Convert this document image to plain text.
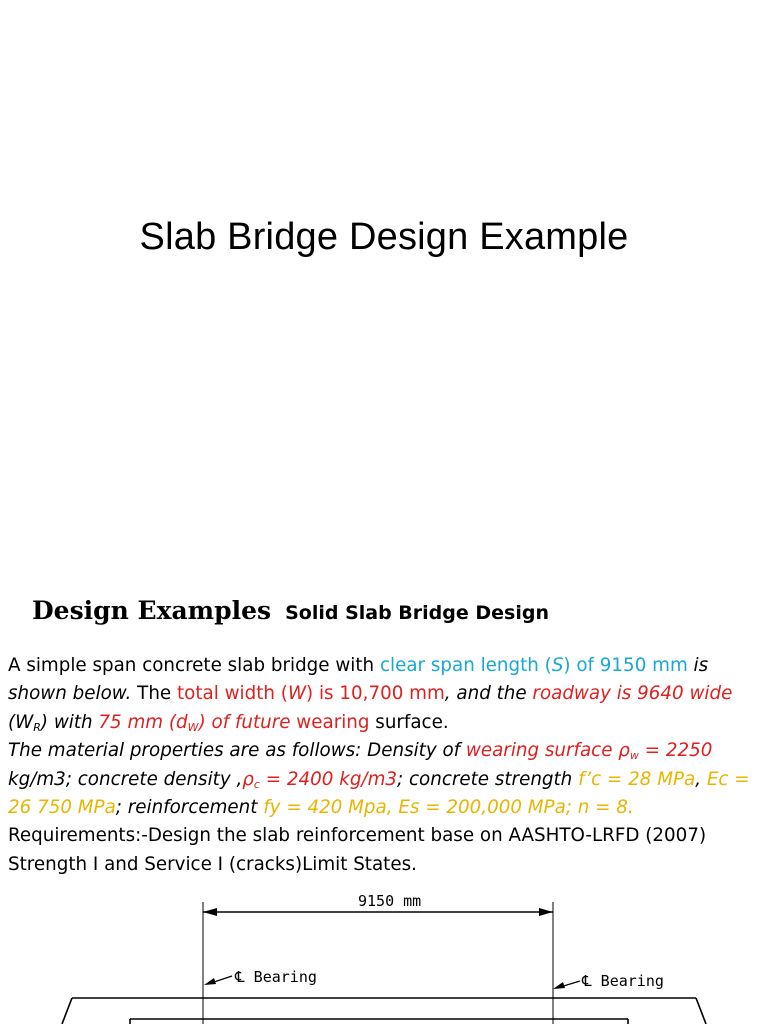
Slab Bridge Design Example
Design Examples Solid Slab Bridge Design
A simple span concrete slab bridge with clear span length (S) of 9150 mm is shown below. The total width (W) is 10,700 mm, and the roadway is 9640 wide
$(W_R)$ with 75 mm $(d_W)$ of future wearing surface.
The material properties are as follows: Density of wearing surface $\rho_w = 2250$
kg/m3; concrete density $,\rho_c = 2400$ kg/m3; concrete strength f’c = 28 MPa, Ec =
26 750 MPa; reinforcement fy = 420 Mpa, Es = 200,000 MPa; n = 8.
Requirements:-Design the slab reinforcement base on AASHTO-LRFD (2007)
Strength I and Service I (cracks)Limit States.
9150 mm
℄ Bearing	℄ Bearing
